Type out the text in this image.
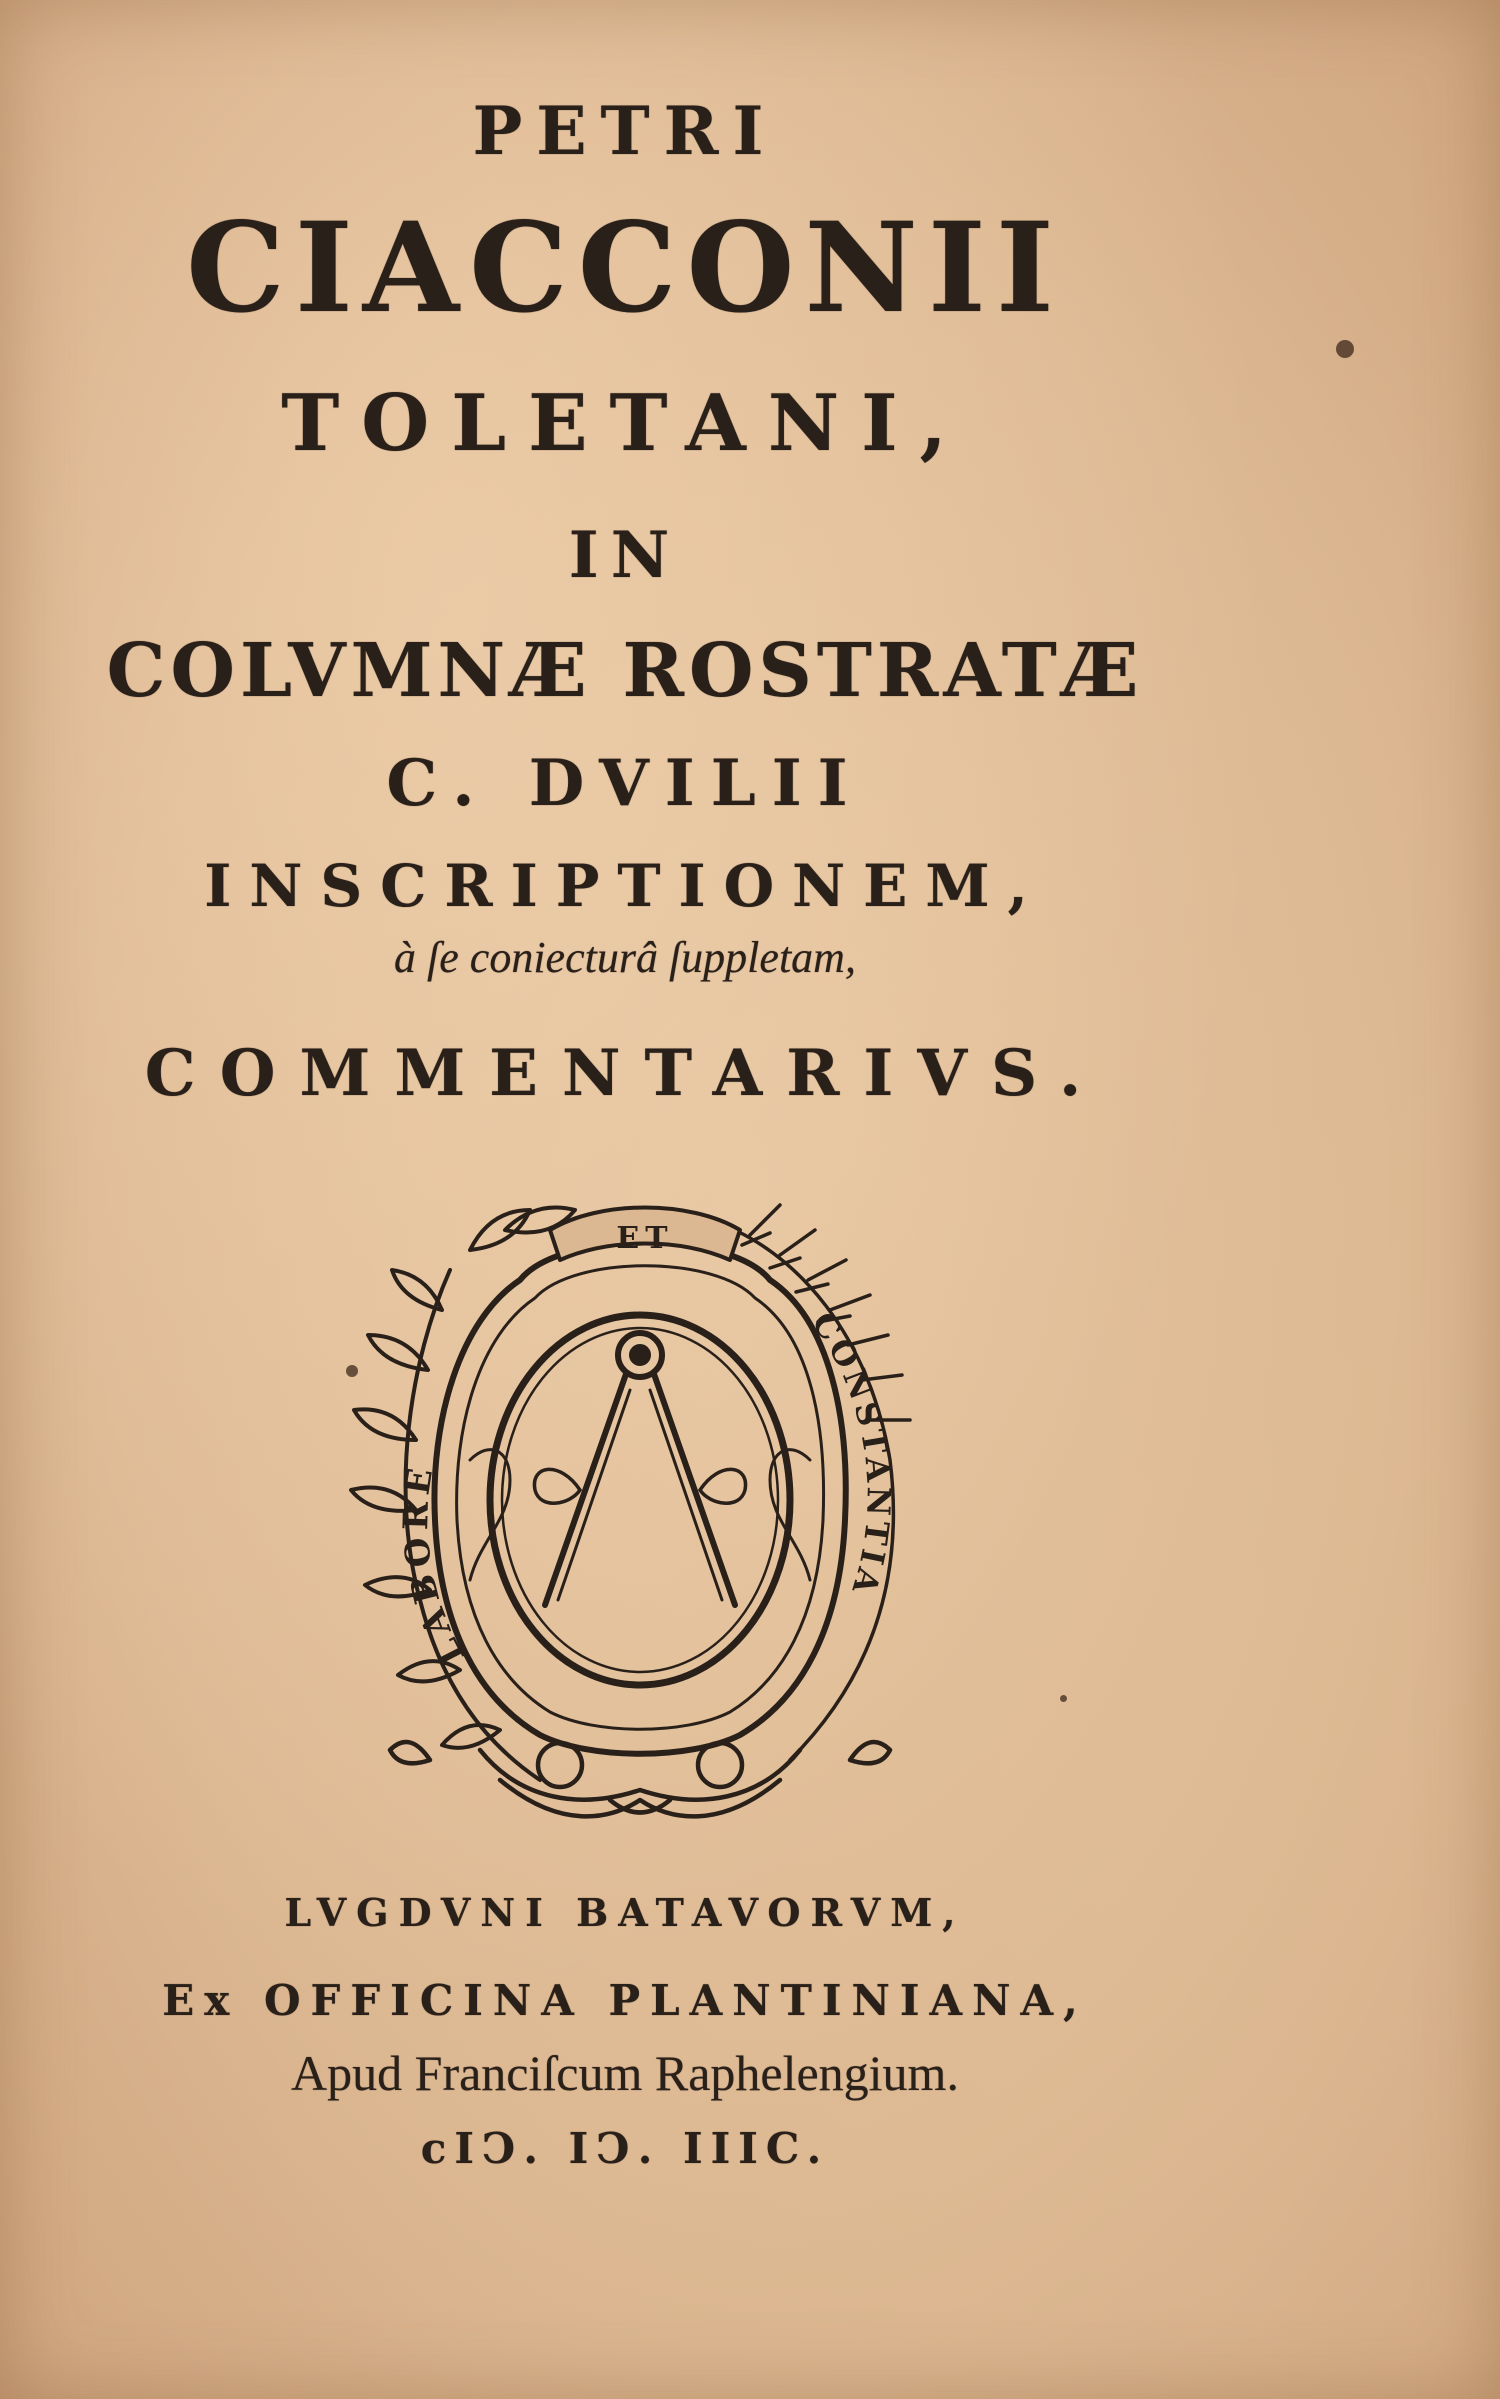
PETRI
CIACCONII
TOLETANI,
IN
COLVMNÆ ROSTRATÆ
C. DVILII
INSCRIPTIONEM,
à ſe coniecturâ ſuppletam,
COMMENTARIVS.
ET
LABORE
CONSTANTIA
LVGDVNI BATAVORVM,
Ex OFFICINA PLANTINIANA,
Apud Franciſcum Raphelengium.
cIↃ. IↃ. IIIC.
